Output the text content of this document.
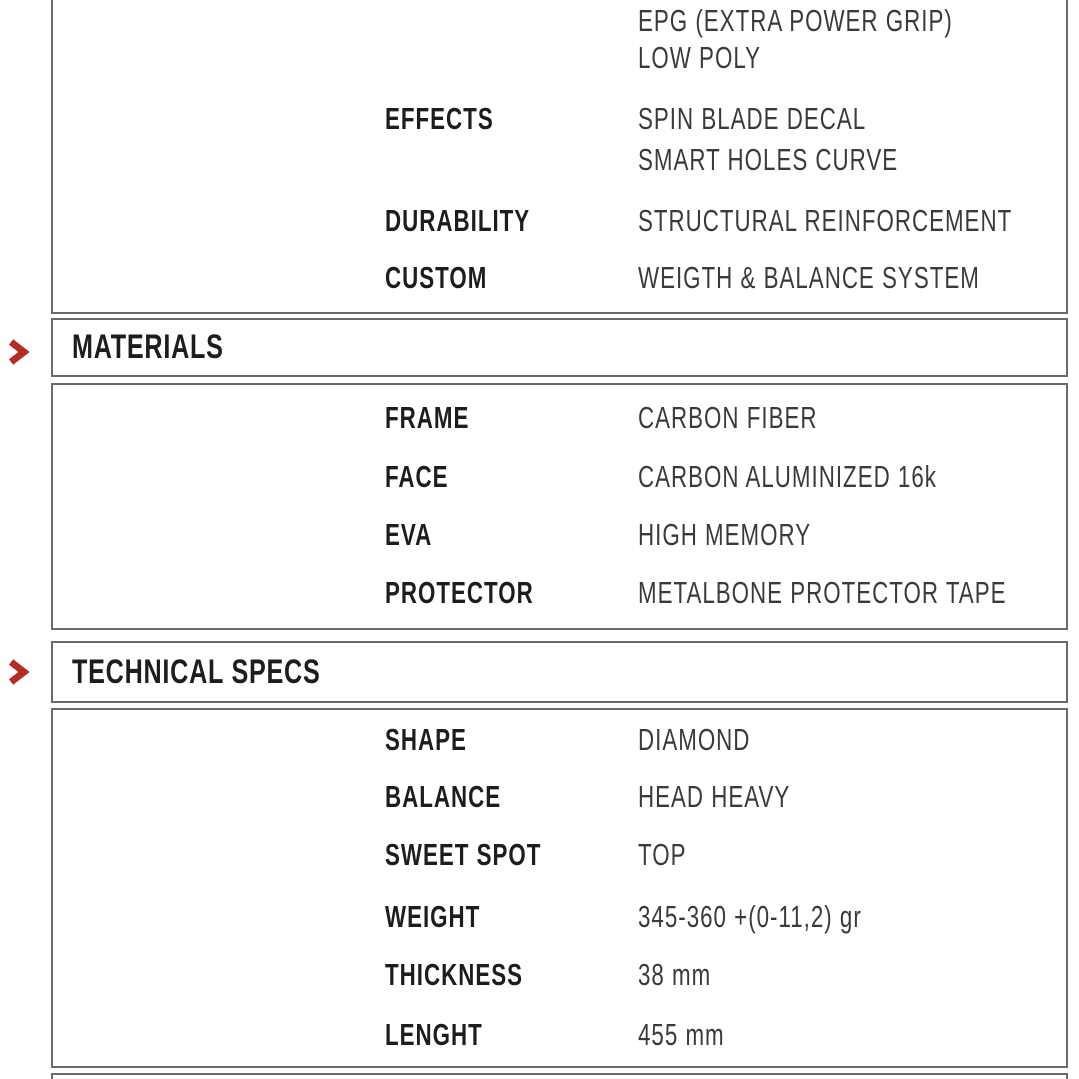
EPG (EXTRA POWER GRIP)
LOW POLY
EFFECTS	SPIN BLADE DECAL
SMART HOLES CURVE
DURABILITY	STRUCTURAL REINFORCEMENT
CUSTOM	WEIGTH & BALANCE SYSTEM
MATERIALS
FRAME	CARBON FIBER
FACE	CARBON ALUMINIZED 16k
EVA	HIGH MEMORY
PROTECTOR	METALBONE PROTECTOR TAPE
TECHNICAL SPECS
SHAPE	DIAMOND
BALANCE	HEAD HEAVY
SWEET SPOT	TOP
WEIGHT	345-360 +(0-11,2) gr
THICKNESS	38 mm
LENGHT	455 mm
